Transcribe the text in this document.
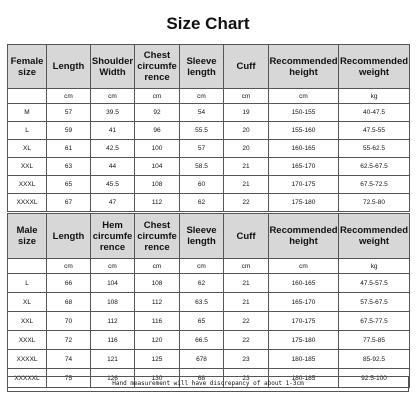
Size Chart
Female size	Length	Shoulder Width	Chest circumfe rence	Sleeve length	Cuff	Recommended height	Recommended weight
	cm	cm	cm	cm	cm	cm	kg
M	57	39.5	92	54	19	150-155	40-47.5
L	59	41	96	55.5	20	155-160	47.5-55
XL	61	42.5	100	57	20	160-165	55-62.5
XXL	63	44	104	58.5	21	165-170	62.5-67.5
XXXL	65	45.5	108	60	21	170-175	67.5-72.5
XXXXL	67	47	112	62	22	175-180	72.5-80
Male size	Length	Hem circumfe rence	Chest circumfe rence	Sleeve length	Cuff	Recommended height	Recommended weight
	cm	cm	cm	cm	cm	cm	kg
L	66	104	108	62	21	160-165	47.5-57.5
XL	68	108	112	63.5	21	165-170	57.5-67.5
XXL	70	112	116	65	22	170-175	67.5-77.5
XXXL	72	116	120	66.5	22	175-180	77.5-85
XXXXL	74	121	125	678	23	180-185	85-92.5
XXXXXL	75	126	130	68	23	180-185	92.5-100
Hand measurement will have discrepancy of about 1-3cm
